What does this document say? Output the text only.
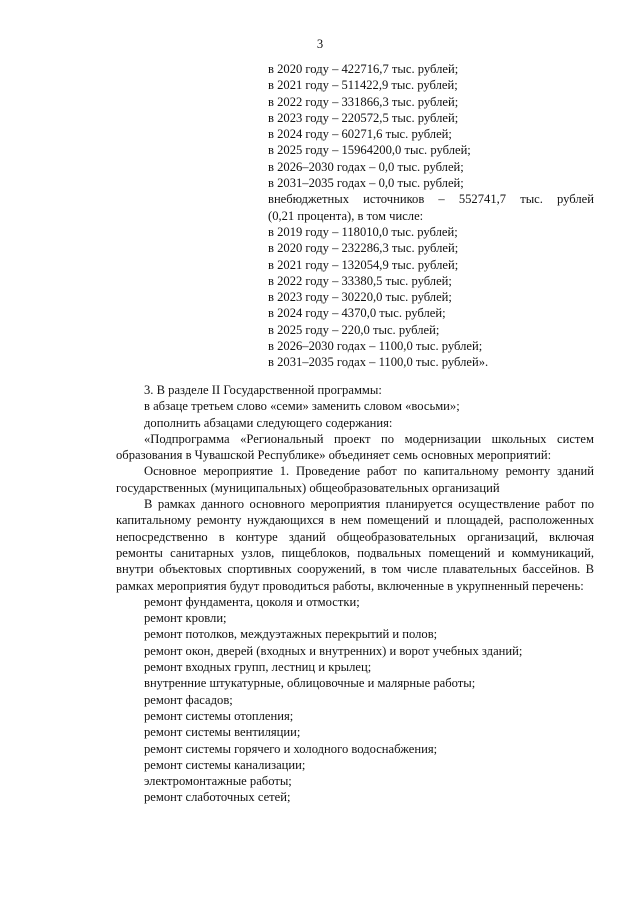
3
в 2020 году – 422716,7 тыс. рублей;
в 2021 году – 511422,9 тыс. рублей;
в 2022 году – 331866,3 тыс. рублей;
в 2023 году – 220572,5 тыс. рублей;
в 2024 году – 60271,6 тыс. рублей;
в 2025 году – 15964200,0 тыс. рублей;
в 2026–2030 годах – 0,0 тыс. рублей;
в 2031–2035 годах – 0,0 тыс. рублей;
внебюджетных источников – 552741,7 тыс. рублей
(0,21 процента), в том числе:
в 2019 году – 118010,0 тыс. рублей;
в 2020 году – 232286,3 тыс. рублей;
в 2021 году – 132054,9 тыс. рублей;
в 2022 году – 33380,5 тыс. рублей;
в 2023 году – 30220,0 тыс. рублей;
в 2024 году – 4370,0 тыс. рублей;
в 2025 году – 220,0 тыс. рублей;
в 2026–2030 годах – 1100,0 тыс. рублей;
в 2031–2035 годах – 1100,0 тыс. рублей».
3. В разделе II Государственной программы:
в абзаце третьем слово «семи» заменить словом «восьми»;
дополнить абзацами следующего содержания:
«Подпрограмма «Региональный проект по модернизации школьных систем образования в Чувашской Республике» объединяет семь основных мероприятий:
Основное мероприятие 1. Проведение работ по капитальному ремонту зданий государственных (муниципальных) общеобразовательных организаций
В рамках данного основного мероприятия планируется осуществление работ по капитальному ремонту нуждающихся в нем помещений и площадей, расположенных непосредственно в контуре зданий общеобразовательных организаций, включая ремонты санитарных узлов, пищеблоков, подвальных помещений и коммуникаций, внутри объектовых спортивных сооружений, в том числе плавательных бассейнов. В рамках мероприятия будут проводиться работы, включенные в укрупненный перечень:
ремонт фундамента, цоколя и отмостки;
ремонт кровли;
ремонт потолков, междуэтажных перекрытий и полов;
ремонт окон, дверей (входных и внутренних) и ворот учебных зданий;
ремонт входных групп, лестниц и крылец;
внутренние штукатурные, облицовочные и малярные работы;
ремонт фасадов;
ремонт системы отопления;
ремонт системы вентиляции;
ремонт системы горячего и холодного водоснабжения;
ремонт системы канализации;
электромонтажные работы;
ремонт слаботочных сетей;
